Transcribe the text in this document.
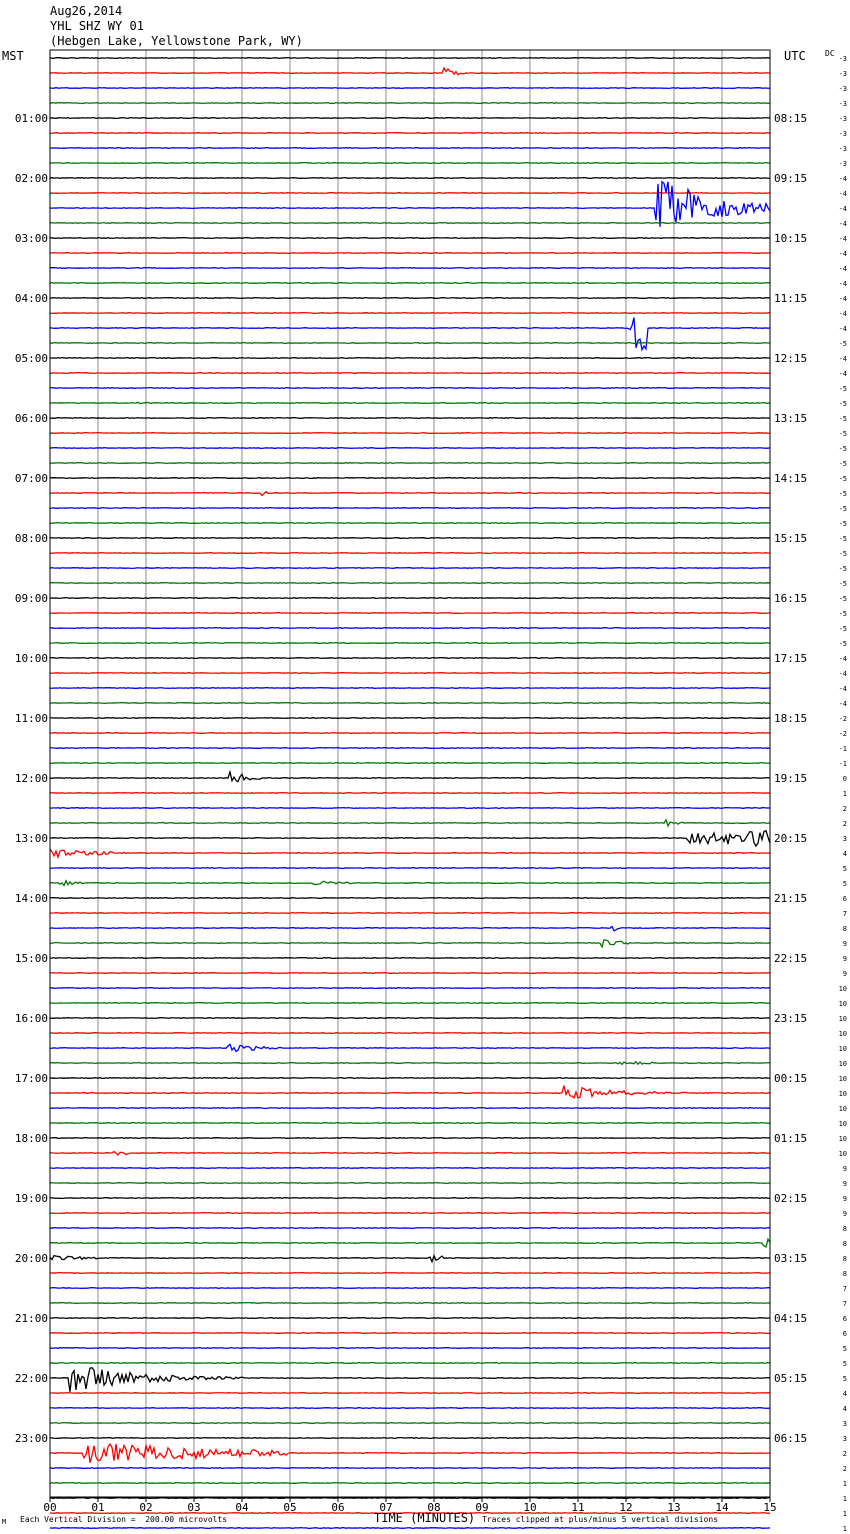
Aug26,2014
YHL SHZ WY 01
(Hebgen Lake, Yellowstone Park, WY)
MST	UTC DC
00	01	02	03	04	05	06	07	08	09	10	11	12	13	14	15
-3
-3
-3
-3
-3
-3
-3
-3
-4
-4
-4
-4
-4
-4
-4
-4
-4
-4
-4
-5
-4
-4
-5
-5
-5
-5
-5
-5
-5
-5
-5
-5
-5
-5
-5
-5
-5
-5
-5
-5
-4
-4
-4
-4
-2
-2
-1
-1
0
1
2
2
3
4
5
5
6
7
8
9
9
9
10
10
10
10
10
10
10
10
10
10
10
10
9
9
9
9
8
8
8
8
7
7
6
6
5
5
5
4
4
3
3
2
2
1
1
1
1
01:00	08:15
02:00	09:15
03:00	10:15
04:00	11:15
05:00	12:15
06:00	13:15
07:00	14:15
08:00	15:15
09:00	16:15
10:00	17:15
11:00	18:15
12:00	19:15
13:00	20:15
14:00	21:15
15:00	22:15
16:00	23:15
17:00	00:15
18:00	01:15
19:00	02:15
20:00	03:15
21:00	04:15
22:00	05:15
23:00	06:15
M Each Vertical Division =  200.00 microvolts	TIME (MINUTES) Traces clipped at plus/minus 5 vertical divisions
